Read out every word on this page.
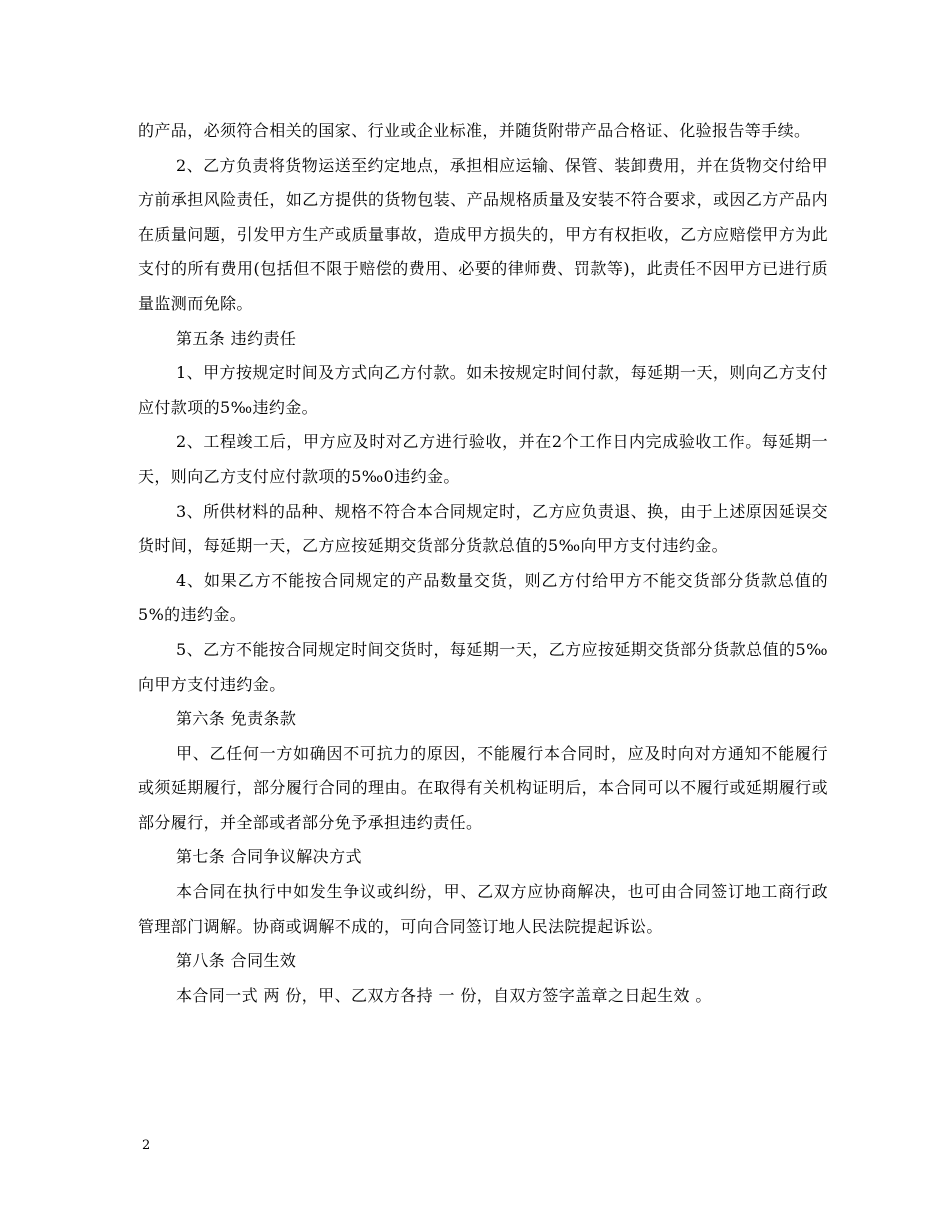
的产品，必须符合相关的国家、行业或企业标准，并随货附带产品合格证、化验报告等手续。

2、乙方负责将货物运送至约定地点，承担相应运输、保管、装卸费用，并在货物交付给甲方前承担风险责任，如乙方提供的货物包装、产品规格质量及安装不符合要求，或因乙方产品内在质量问题，引发甲方生产或质量事故，造成甲方损失的，甲方有权拒收，乙方应赔偿甲方为此支付的所有费用(包括但不限于赔偿的费用、必要的律师费、罚款等)，此责任不因甲方已进行质量监测而免除。

第五条 违约责任

1、甲方按规定时间及方式向乙方付款。如未按规定时间付款，每延期一天，则向乙方支付应付款项的5‰违约金。

2、工程竣工后，甲方应及时对乙方进行验收，并在2个工作日内完成验收工作。每延期一天，则向乙方支付应付款项的5‰0违约金。

3、所供材料的品种、规格不符合本合同规定时，乙方应负责退、换，由于上述原因延误交货时间，每延期一天，乙方应按延期交货部分货款总值的5‰向甲方支付违约金。

4、如果乙方不能按合同规定的产品数量交货，则乙方付给甲方不能交货部分货款总值的5%的违约金。

5、乙方不能按合同规定时间交货时，每延期一天，乙方应按延期交货部分货款总值的5‰向甲方支付违约金。

第六条 免责条款

甲、乙任何一方如确因不可抗力的原因，不能履行本合同时，应及时向对方通知不能履行或须延期履行，部分履行合同的理由。在取得有关机构证明后，本合同可以不履行或延期履行或部分履行，并全部或者部分免予承担违约责任。

第七条 合同争议解决方式

本合同在执行中如发生争议或纠纷，甲、乙双方应协商解决，也可由合同签订地工商行政管理部门调解。协商或调解不成的，可向合同签订地人民法院提起诉讼。

第八条 合同生效

本合同一式 两 份，甲、乙双方各持 一 份，自双方签字盖章之日起生效 。

2
